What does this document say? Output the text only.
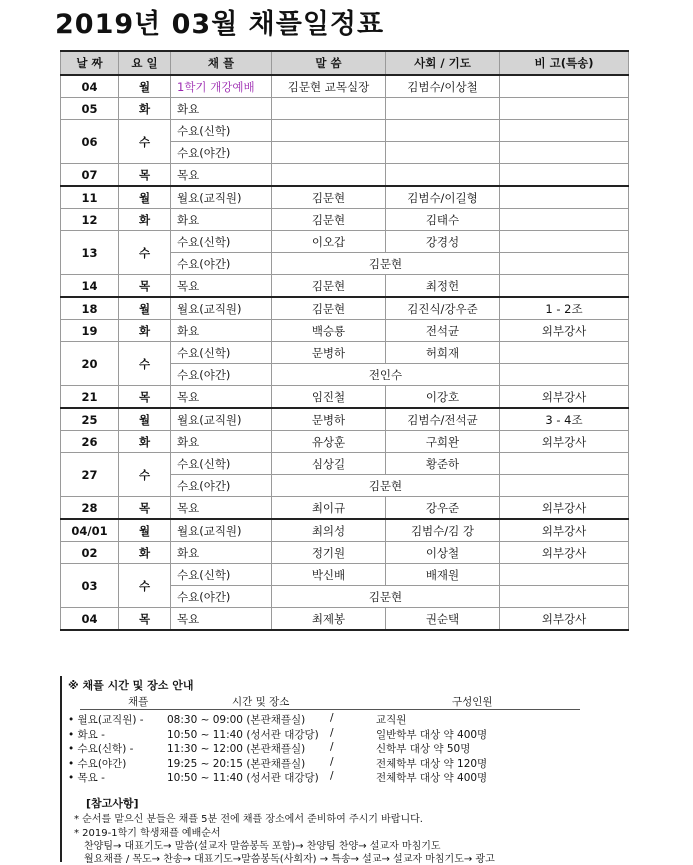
2019년 03월 채플일정표
날 짜	요 일	채 플	말 씀	사회 / 기도	비 고(특송)
04	월	1학기 개강예배	김문현 교목실장	김범수/이상철	
05	화	화요			
06	수	수요(신학)			
		수요(야간)			
07	목	목요			
11	월	월요(교직원)	김문현	김범수/이길형	
12	화	화요	김문현	김태수	
13	수	수요(신학)	이오갑	강경성	
		수요(야간)	김문현		
14	목	목요	김문현	최정헌	
18	월	월요(교직원)	김문현	김진식/강우준	1 - 2조
19	화	화요	백승룡	전석균	외부강사
20	수	수요(신학)	문병하	허희재	
		수요(야간)	전인수		
21	목	목요	임진철	이강호	외부강사
25	월	월요(교직원)	문병하	김범수/전석균	3 - 4조
26	화	화요	유상훈	구희완	외부강사
27	수	수요(신학)	심상길	황준하	
		수요(야간)	김문현		
28	목	목요	최이규	강우준	외부강사
04/01	월	월요(교직원)	최의성	김범수/김 강	외부강사
02	화	화요	정기원	이상철	외부강사
03	수	수요(신학)	박신배	배재원	
		수요(야간)	김문현		
04	목	목요	최제봉	권순택	외부강사
※ 채플 시간 및 장소 안내
채플	시간 및 장소	구성인원
• 월요(교직원) - 08:30 ~ 09:00 (본관채플실) /	교직원
• 화요 -	10:50 ~ 11:40 (성서관 대강당) /	일반학부 대상 약 400명
• 수요(신학) -	11:30 ~ 12:00 (본관채플실) /	신학부 대상 약 50명
• 수요(야간)	19:25 ~ 20:15 (본관채플실) /	전체학부 대상 약 120명
• 목요 -	10:50 ~ 11:40 (성서관 대강당) /	전체학부 대상 약 400명
[참고사항]
* 순서를 맡으신 분들은 채플 5분 전에 채플 장소에서 준비하여 주시기 바랍니다.
* 2019-1학기 학생채플 예배순서
찬양팀→ 대표기도→ 말씀(설교자 말씀봉독 포함)→ 찬양팀 찬양→ 설교자 마침기도
월요채플 / 목도→ 찬송→ 대표기도→말씀봉독(사회자) → 특송→ 설교→ 설교자 마침기도→ 광고
